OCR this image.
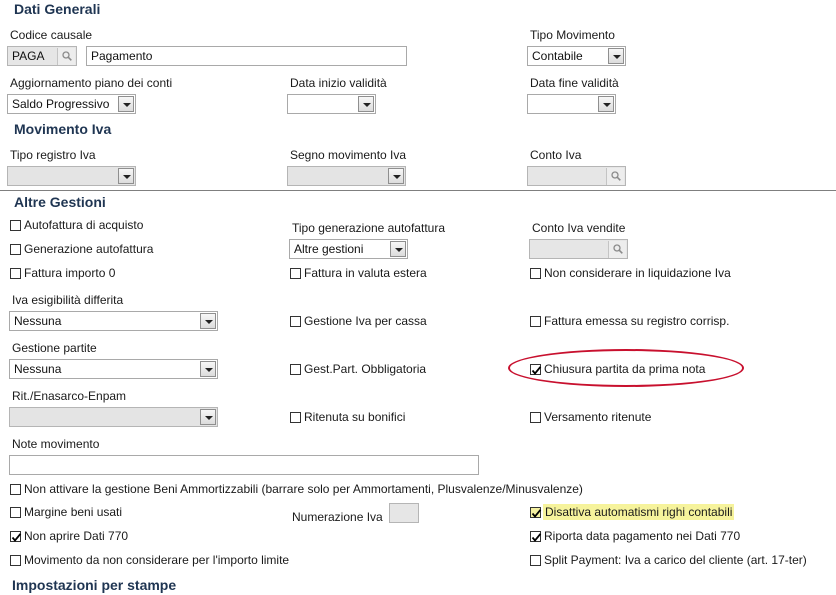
Dati Generali
Codice causale
PAGA	Pagamento
Tipo Movimento
Contabile
Aggiornamento piano dei conti
Saldo Progressivo
Data inizio validità	Data fine validità
Movimento Iva
Tipo registro Iva	Segno movimento Iva	Conto Iva
Altre Gestioni
Autofattura di acquisto	Tipo generazione autofattura	Conto Iva vendite
Generazione autofattura	Altre gestioni
Fattura importo 0	Fattura in valuta estera	Non considerare in liquidazione Iva
Iva esigibilità differita
Nessuna	Gestione Iva per cassa	Fattura emessa su registro corrisp.
Gestione partite
Nessuna	Gest.Part. Obbligatoria	Chiusura partita da prima nota
Rit./Enasarco-Enpam
Ritenuta su bonifici	Versamento ritenute
Note movimento
Non attivare la gestione Beni Ammortizzabili (barrare solo per Ammortamenti, Plusvalenze/Minusvalenze)
Margine beni usati	Numerazione Iva	Disattiva automatismi righi contabili
Non aprire Dati 770	Riporta data pagamento nei Dati 770
Movimento da non considerare per l'importo limite	Split Payment: Iva a carico del cliente (art. 17-ter)
Impostazioni per stampe
